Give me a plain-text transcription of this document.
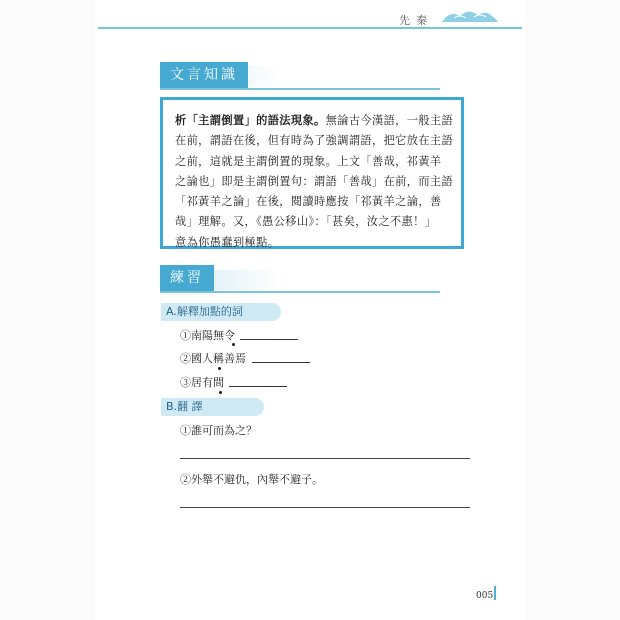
先秦
文言知識
析「主謂倒置」的語法現象。無論古今漢語，一般主語
在前，謂語在後，但有時為了強調謂語，把它放在主語
之前，這就是主謂倒置的現象。上文「善哉，祁黃羊
之論也」即是主謂倒置句：謂語「善哉」在前，而主語
「祁黃羊之論」在後，閱讀時應按「祁黃羊之論，善
哉」理解。又，《愚公移山》：「甚矣，汝之不惠！」
意為你愚蠢到極點。
練習
A.解釋加點的詞
①南陽無令
②國人稱善焉
③居有間
B.翻 譯
①誰可而為之？
②外舉不避仇，內舉不避子。
005
